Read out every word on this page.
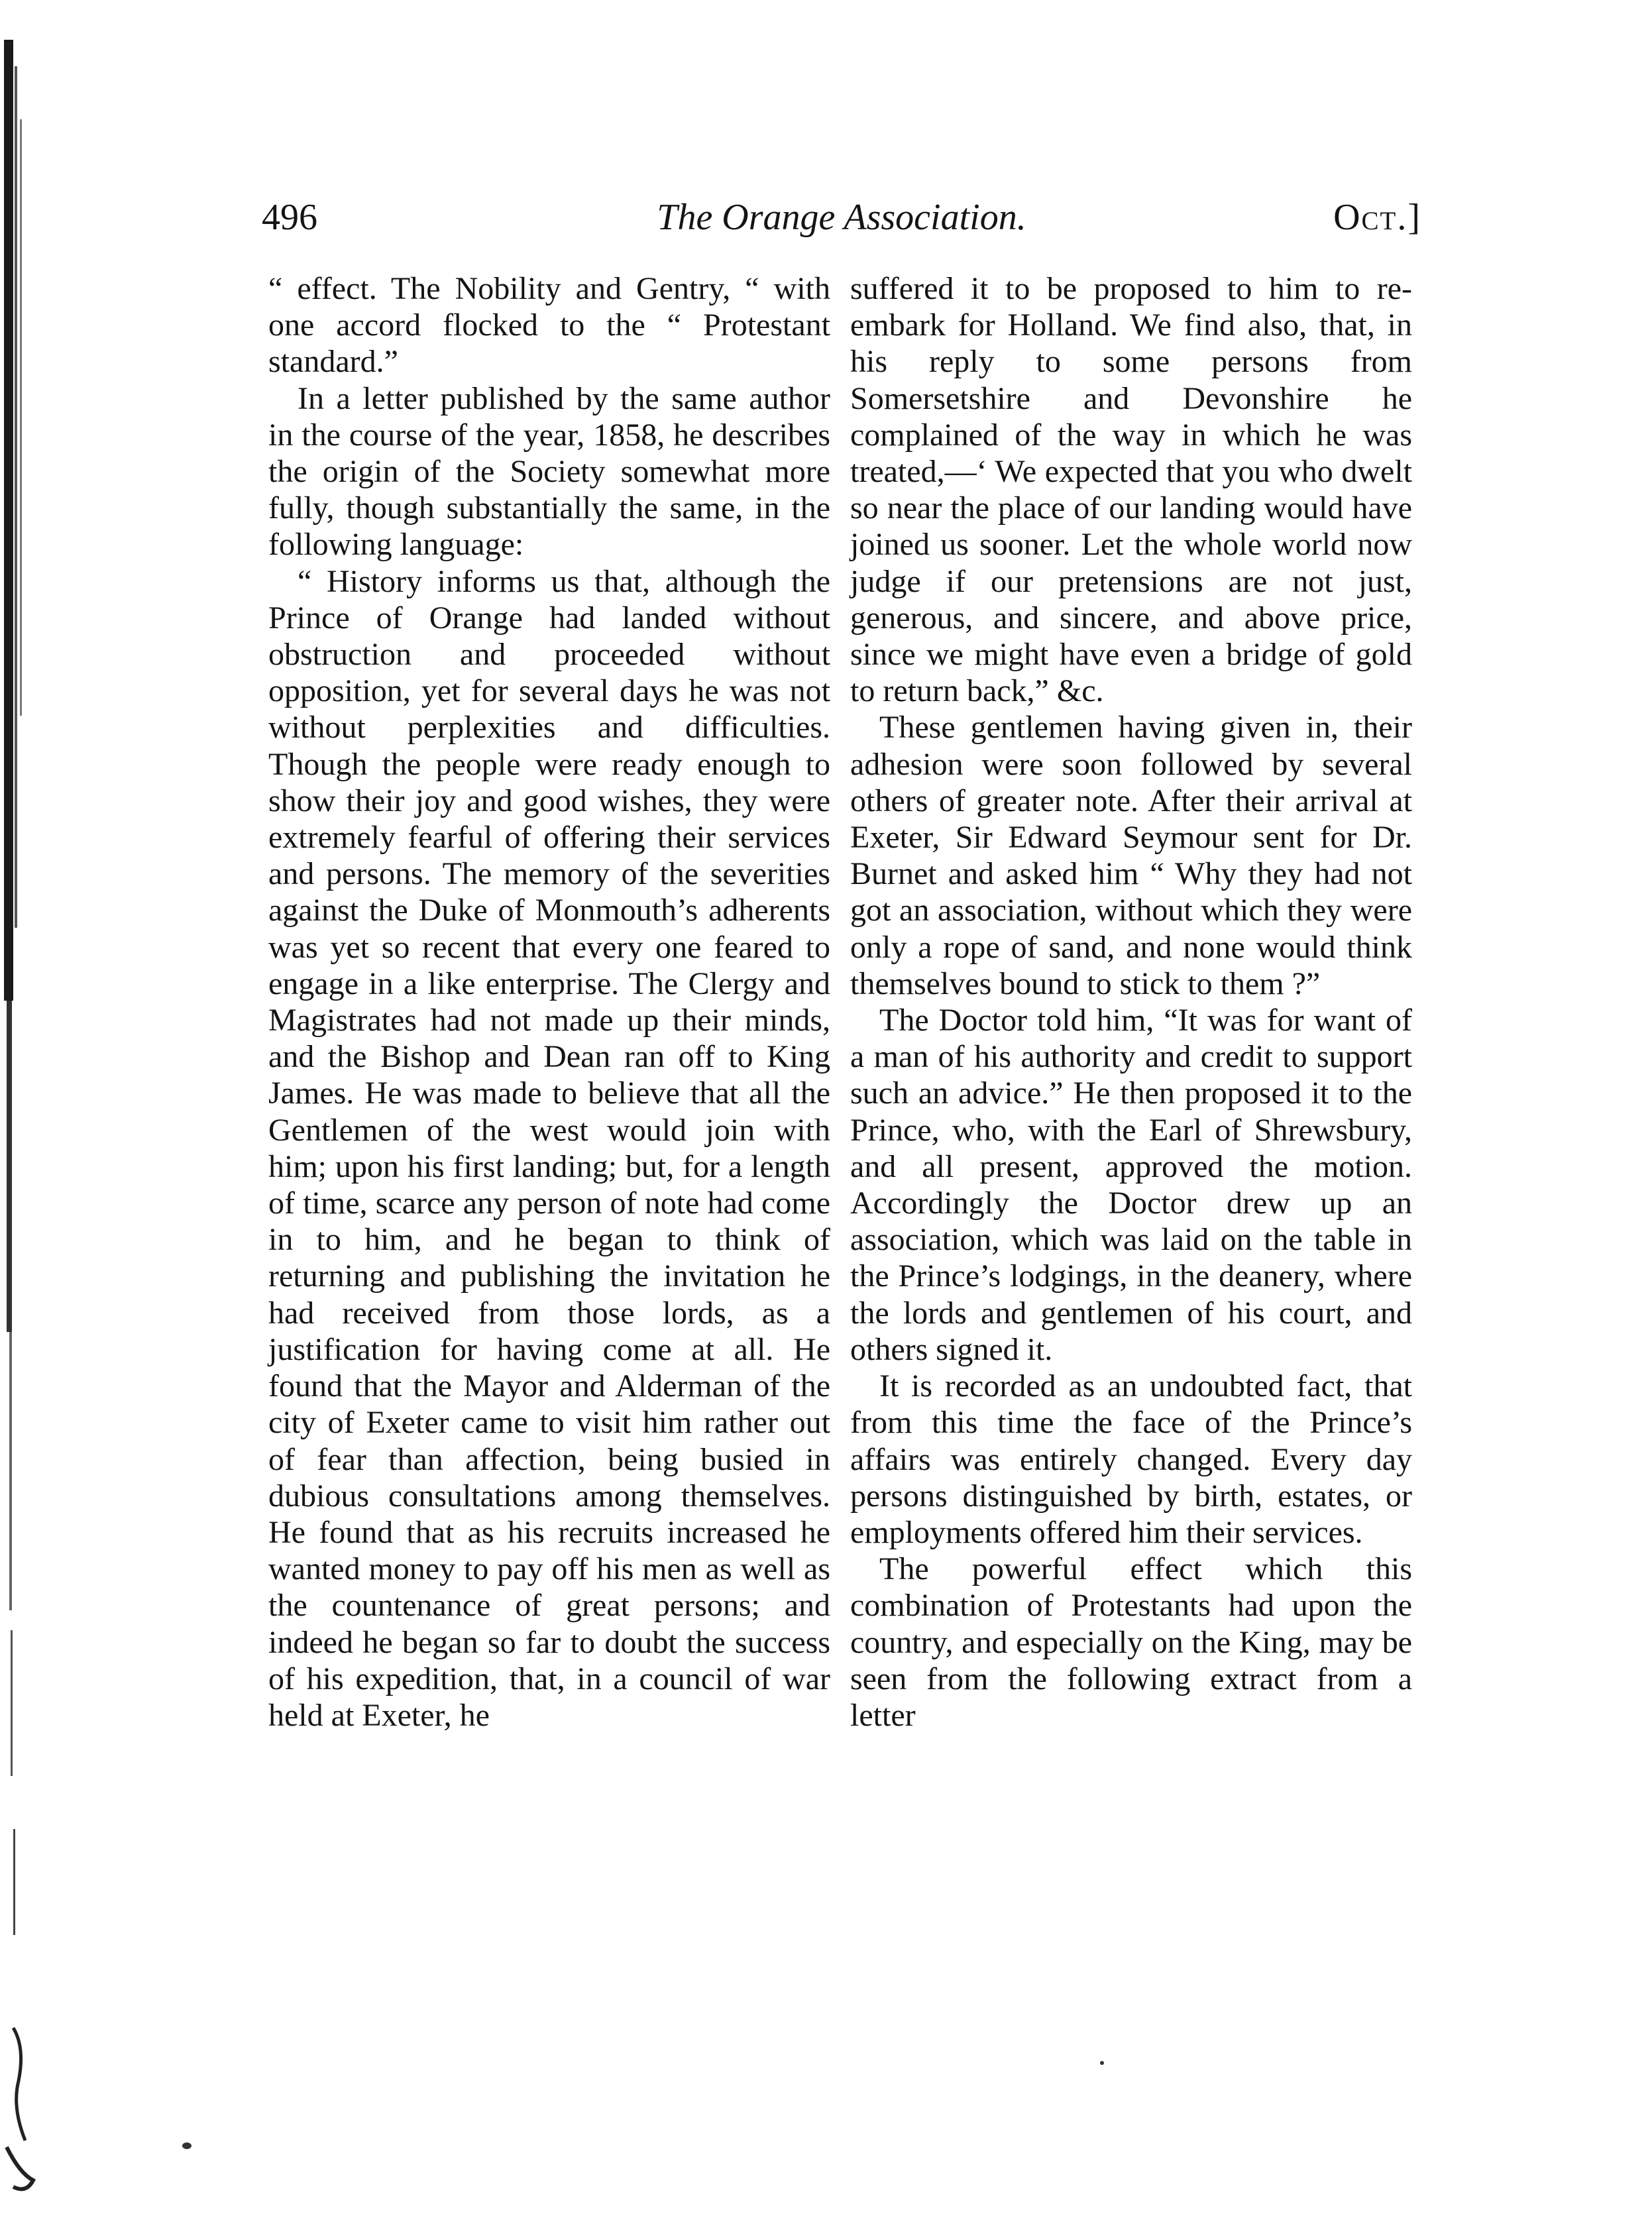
496	The Orange Association.	Oct.]

“ effect. The Nobility and Gentry, “ with one accord flocked to the “ Protestant standard.”

In a letter published by the same author in the course of the year, 1858, he describes the origin of the Society somewhat more fully, though substantially the same, in the following language:

“ History informs us that, although the Prince of Orange had landed without obstruction and proceeded without opposition, yet for several days he was not without perplexities and difficulties. Though the people were ready enough to show their joy and good wishes, they were extremely fearful of offering their services and persons. The memory of the severities against the Duke of Monmouth’s adherents was yet so recent that every one feared to engage in a like enterprise. The Clergy and Magistrates had not made up their minds, and the Bishop and Dean ran off to King James. He was made to believe that all the Gentlemen of the west would join with him; upon his first landing; but, for a length of time, scarce any person of note had come in to him, and he began to think of returning and publishing the invitation he had received from those lords, as a justification for having come at all. He found that the Mayor and Alderman of the city of Exeter came to visit him rather out of fear than affection, being busied in dubious consultations among themselves. He found that as his recruits increased he wanted money to pay off his men as well as the countenance of great persons; and indeed he began so far to doubt the success of his expedition, that, in a council of war held at Exeter, he

suffered it to be proposed to him to re-embark for Holland. We find also, that, in his reply to some persons from Somersetshire and Devonshire he complained of the way in which he was treated,—‘ We expected that you who dwelt so near the place of our landing would have joined us sooner. Let the whole world now judge if our pretensions are not just, generous, and sincere, and above price, since we might have even a bridge of gold to return back,” &c.

These gentlemen having given in, their adhesion were soon followed by several others of greater note. After their arrival at Exeter, Sir Edward Seymour sent for Dr. Burnet and asked him “ Why they had not got an association, without which they were only a rope of sand, and none would think themselves bound to stick to them ?”

The Doctor told him, “It was for want of a man of his authority and credit to support such an advice.” He then proposed it to the Prince, who, with the Earl of Shrewsbury, and all present, approved the motion. Accordingly the Doctor drew up an association, which was laid on the table in the Prince’s lodgings, in the deanery, where the lords and gentlemen of his court, and others signed it.

It is recorded as an undoubted fact, that from this time the face of the Prince’s affairs was entirely changed. Every day persons distinguished by birth, estates, or employments offered him their services.

The powerful effect which this combination of Protestants had upon the country, and especially on the King, may be seen from the following extract from a letter
